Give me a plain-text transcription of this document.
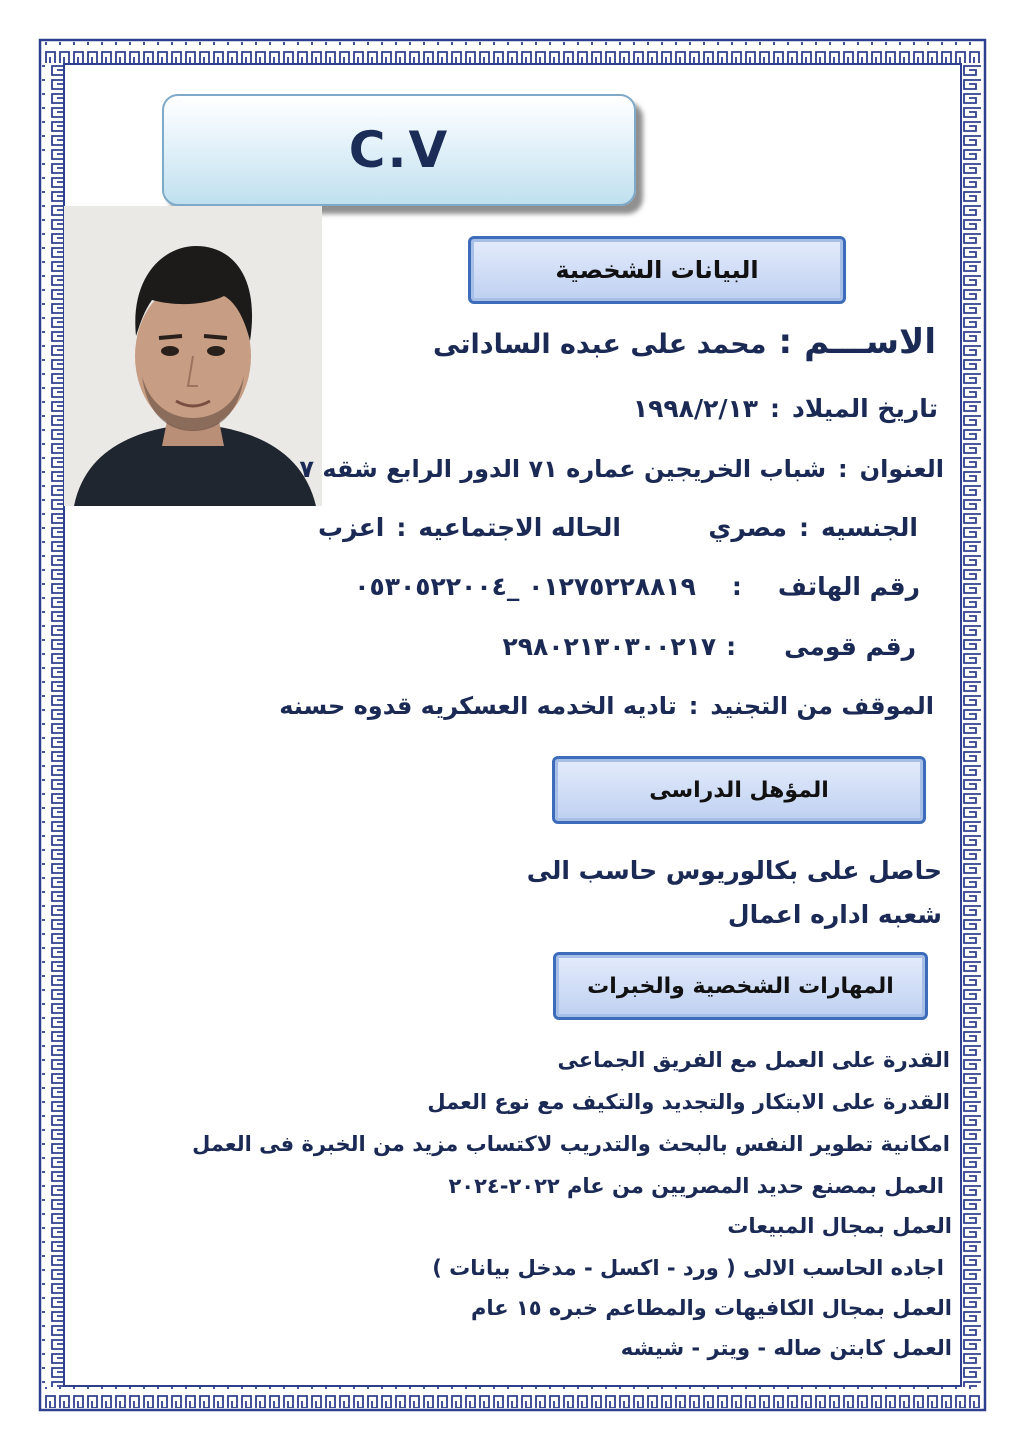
C.V
البيانات الشخصية
الاســـم:محمد على عبده الساداتى
تاريخ الميلاد:١٩٩٨/٢/١٣
العنوان:شباب الخريجين عماره ٧١ الدور الرابع شقه ٧
الجنسيه:مصري  الحاله الاجتماعيه:اعزب
رقم الهاتف:٠١٢٧٥٢٢٨٨١٩ _٠٥٣٠٥٢٢٠٠٤
رقم قومى:٢٩٨٠٢١٣٠٣٠٠٢١٧
الموقف من التجنيد:تاديه الخدمه العسكريه قدوه حسنه
المؤهل الدراسى
حاصل على بكالوريوس حاسب الى
شعبه اداره اعمال
المهارات الشخصية والخبرات
القدرة على العمل مع الفريق الجماعى
القدرة على الابتكار والتجديد والتكيف مع نوع العمل
امكانية تطوير النفس بالبحث والتدريب لاكتساب مزيد من الخبرة فى العمل
العمل بمصنع حديد المصريين من عام ٢٠٢٢-٢٠٢٤
العمل بمجال المبيعات
اجاده الحاسب الالى ( ورد - اكسل - مدخل بيانات )
العمل بمجال الكافيهات والمطاعم خبره ١٥ عام
العمل كابتن صاله - ويتر - شيشه
